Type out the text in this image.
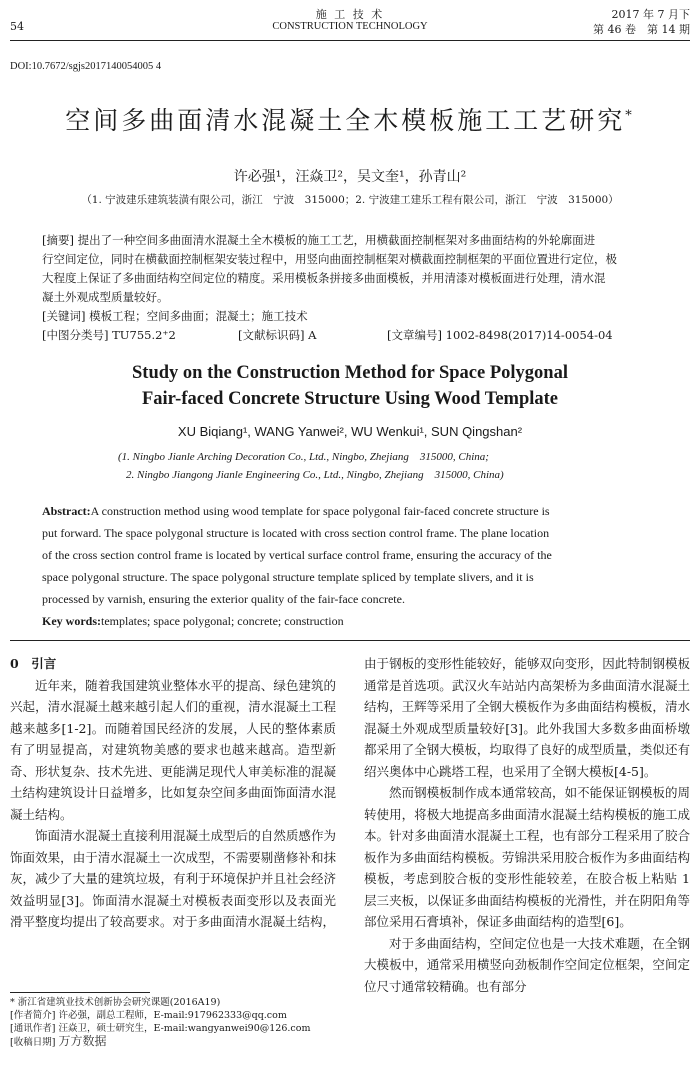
54
施 工 技 术
CONSTRUCTION TECHNOLOGY
2017 年 7 月下
第 46 卷　第 14 期
DOI:10.7672/sgjs2017140054005 4
空间多曲面清水混凝土全木模板施工工艺研究*
许必强¹，汪焱卫²，吴文奎¹，孙青山²
（1. 宁波建乐建筑装潢有限公司，浙江　宁波　315000；2. 宁波建工建乐工程有限公司，浙江　宁波　315000）
[摘要] 提出了一种空间多曲面清水混凝土全木模板的施工工艺，用横截面控制框架对多曲面结构的外轮廓面进
行空间定位，同时在横截面控制框架安装过程中，用竖向曲面控制框架对横截面控制框架的平面位置进行定位，极
大程度上保证了多曲面结构空间定位的精度。采用模板条拼接多曲面模板，并用清漆对模板面进行处理，清水混
凝土外观成型质量较好。
[关键词] 模板工程；空间多曲面；混凝土；施工技术
[中图分类号] TU755.2⁺2	[文献标识码] A	[文章编号] 1002-8498(2017)14-0054-04
Study on the Construction Method for Space Polygonal
Fair-faced Concrete Structure Using Wood Template
XU Biqiang¹, WANG Yanwei², WU Wenkui¹, SUN Qingshan²
(1. Ningbo Jianle Arching Decoration Co., Ltd., Ningbo, Zhejiang　315000, China;
2. Ningbo Jiangong Jianle Engineering Co., Ltd., Ningbo, Zhejiang　315000, China)
Abstract:A construction method using wood template for space polygonal fair-faced concrete structure is
put forward. The space polygonal structure is located with cross section control frame. The plane location
of the cross section control frame is located by vertical surface control frame, ensuring the accuracy of the
space polygonal structure. The space polygonal structure template spliced by template slivers, and it is
processed by varnish, ensuring the exterior quality of the fair-face concrete.
Key words:templates; space polygonal; concrete; construction
0　引言

近年来，随着我国建筑业整体水平的提高、绿色建筑的兴起，清水混凝土越来越引起人们的重视，清水混凝土工程越来越多[1-2]。而随着国民经济的发展，人民的整体素质有了明显提高，对建筑物美感的要求也越来越高。造型新奇、形状复杂、技术先进、更能满足现代人审美标准的混凝土结构建筑设计日益增多，比如复杂空间多曲面饰面清水混凝土结构。

饰面清水混凝土直接利用混凝土成型后的自然质感作为饰面效果，由于清水混凝土一次成型，不需要剔凿修补和抹灰，减少了大量的建筑垃圾，有利于环境保护并且社会经济效益明显[3]。饰面清水混凝土对模板表面变形以及表面光滑平整度均提出了较高要求。对于多曲面清水混凝土结构，

* 浙江省建筑业技术创新协会研究课题(2016A19)
[作者简介] 许必强，副总工程师，E-mail:917962333@qq.com
[通讯作者] 汪焱卫，硕士研究生，E-mail:wangyanwei90@126.com
[收稿日期] 万方数据

由于钢板的变形性能较好，能够双向变形，因此特制钢模板通常是首选项。武汉火车站站内高架桥为多曲面清水混凝土结构，王辉等采用了全钢大模板作为多曲面结构模板，清水混凝土外观成型质量较好[3]。此外我国大多数多曲面桥墩都采用了全钢大模板，均取得了良好的成型质量，类似还有绍兴奥体中心跳塔工程，也采用了全钢大模板[4-5]。

然而钢模板制作成本通常较高，如不能保证钢模板的周转使用，将极大地提高多曲面清水混凝土结构模板的施工成本。针对多曲面清水混凝土工程，也有部分工程采用了胶合板作为多曲面结构模板。劳锦洪采用胶合板作为多曲面结构模板，考虑到胶合板的变形性能较差，在胶合板上粘贴 1 层三夹板，以保证多曲面结构模板的光滑性，并在阴阳角等部位采用石膏填补，保证多曲面结构的造型[6]。

对于多曲面结构，空间定位也是一大技术难题，在全钢大模板中，通常采用横竖向劲板制作空间定位框架，空间定位尺寸通常较精确。也有部分
